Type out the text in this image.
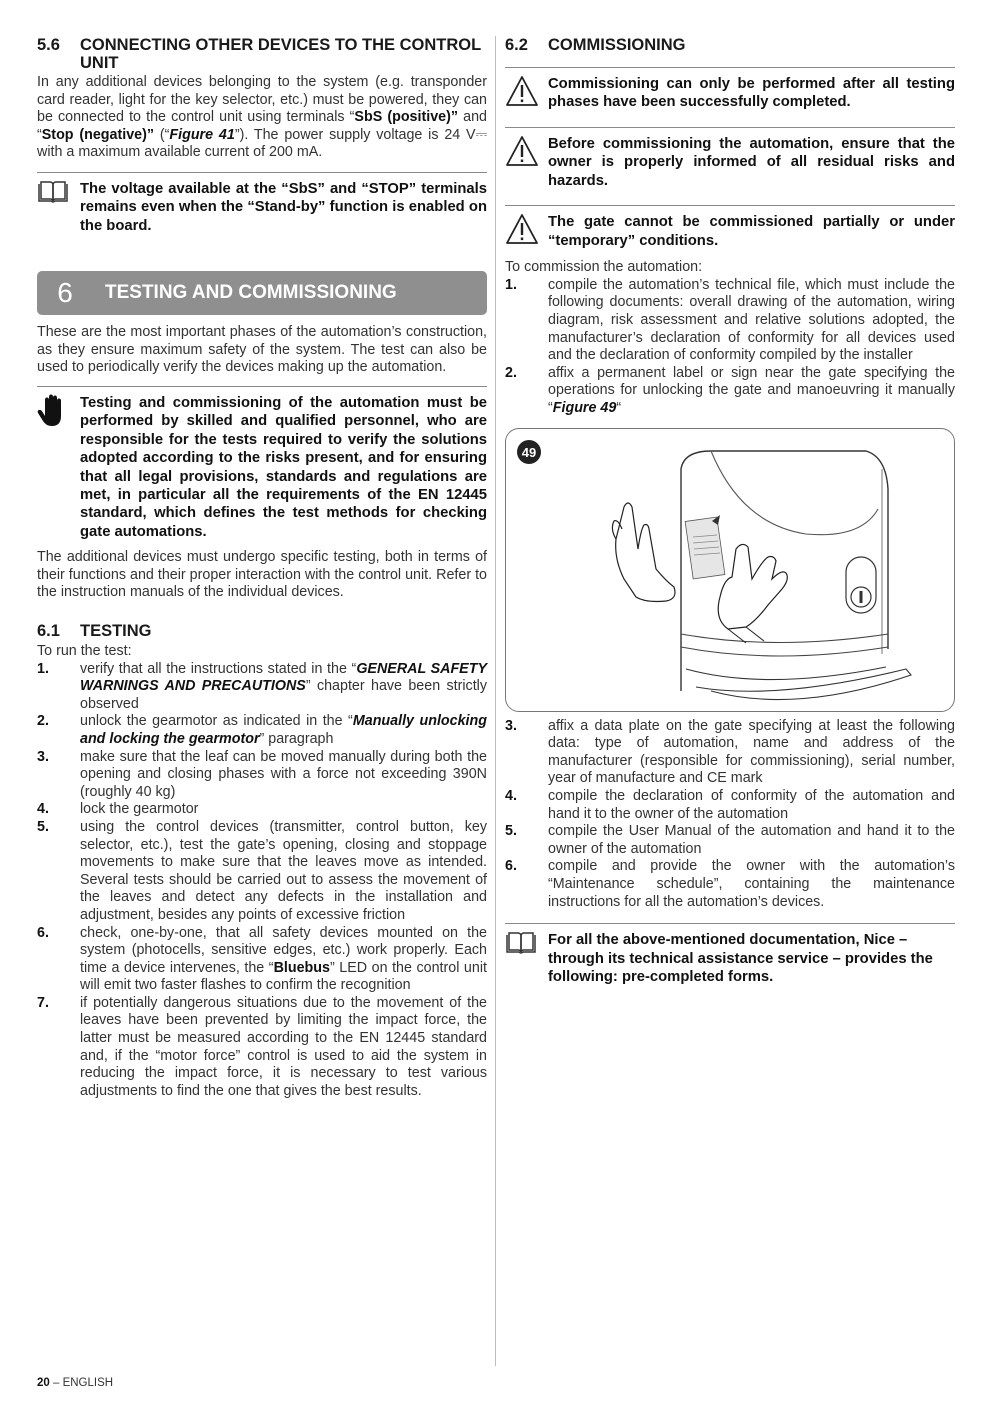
5.6	CONNECTING OTHER DEVICES TO THE CONTROL UNIT

In any additional devices belonging to the system (e.g. transponder card reader, light for the key selector, etc.) must be powered, they can be connected to the control unit using terminals “SbS (positive)” and “Stop (negative)” (“Figure 41”). The power supply voltage is 24 V⎓ with a maximum available current of 200 mA.

The voltage available at the “SbS” and “STOP” terminals remains even when the “Stand-by” function is enabled on the board.
6	TESTING AND COMMISSIONING

These are the most important phases of the automation’s construction, as they ensure maximum safety of the system. The test can also be used to periodically verify the devices making up the automation.

Testing and commissioning of the automation must be performed by skilled and qualified personnel, who are responsible for the tests required to verify the solutions adopted according to the risks present, and for ensuring that all legal provisions, standards and regulations are met, in particular all the requirements of the EN 12445 standard, which defines the test methods for checking gate automations.

The additional devices must undergo specific testing, both in terms of their functions and their proper interaction with the control unit. Refer to the instruction manuals of the individual devices.

6.1	TESTING

To run the test:

1.	verify that all the instructions stated in the “GENERAL SAFETY WARNINGS AND PRECAUTIONS” chapter have been strictly observed
2.	unlock the gearmotor as indicated in the “Manually unlocking and locking the gearmotor” paragraph
3.	make sure that the leaf can be moved manually during both the opening and closing phases with a force not exceeding 390N (roughly 40 kg)
4.	lock the gearmotor
5.	using the control devices (transmitter, control button, key selector, etc.), test the gate’s opening, closing and stoppage movements to make sure that the leaves move as intended. Several tests should be carried out to assess the movement of the leaves and detect any defects in the installation and adjustment, besides any points of excessive friction
6.	check, one-by-one, that all safety devices mounted on the system (photocells, sensitive edges, etc.) work properly. Each time a device intervenes, the “Bluebus” LED on the control unit will emit two faster flashes to confirm the recognition
7.	if potentially dangerous situations due to the movement of the leaves have been prevented by limiting the impact force, the latter must be measured according to the EN 12445 standard and, if the “motor force” control is used to aid the system in reducing the impact force, it is necessary to test various adjustments to find the one that gives the best results.
6.2	COMMISSIONING
Commissioning can only be performed after all testing phases have been successfully completed.
Before commissioning the automation, ensure that the owner is properly informed of all residual risks and hazards.
The gate cannot be commissioned partially or under “temporary” conditions.

To commission the automation:

1.	compile the automation’s technical file, which must include the following documents: overall drawing of the automation, wiring diagram, risk assessment and relative solutions adopted, the manufacturer’s declaration of conformity for all devices used and the declaration of conformity compiled by the installer
2.	affix a permanent label or sign near the gate specifying the operations for unlocking the gate and manoeuvring it manually “Figure 49“
49
3.	affix a data plate on the gate specifying at least the following data: type of automation, name and address of the manufacturer (responsible for commissioning), serial number, year of manufacture and CE mark
4.	compile the declaration of conformity of the automation and hand it to the owner of the automation
5.	compile the User Manual of the automation and hand it to the owner of the automation
6.	compile and provide the owner with the automation’s “Maintenance schedule”, containing the maintenance instructions for all the automation’s devices.
For all the above-mentioned documentation, Nice – through its technical assistance service – provides the following: pre-completed forms.
20 – ENGLISH
